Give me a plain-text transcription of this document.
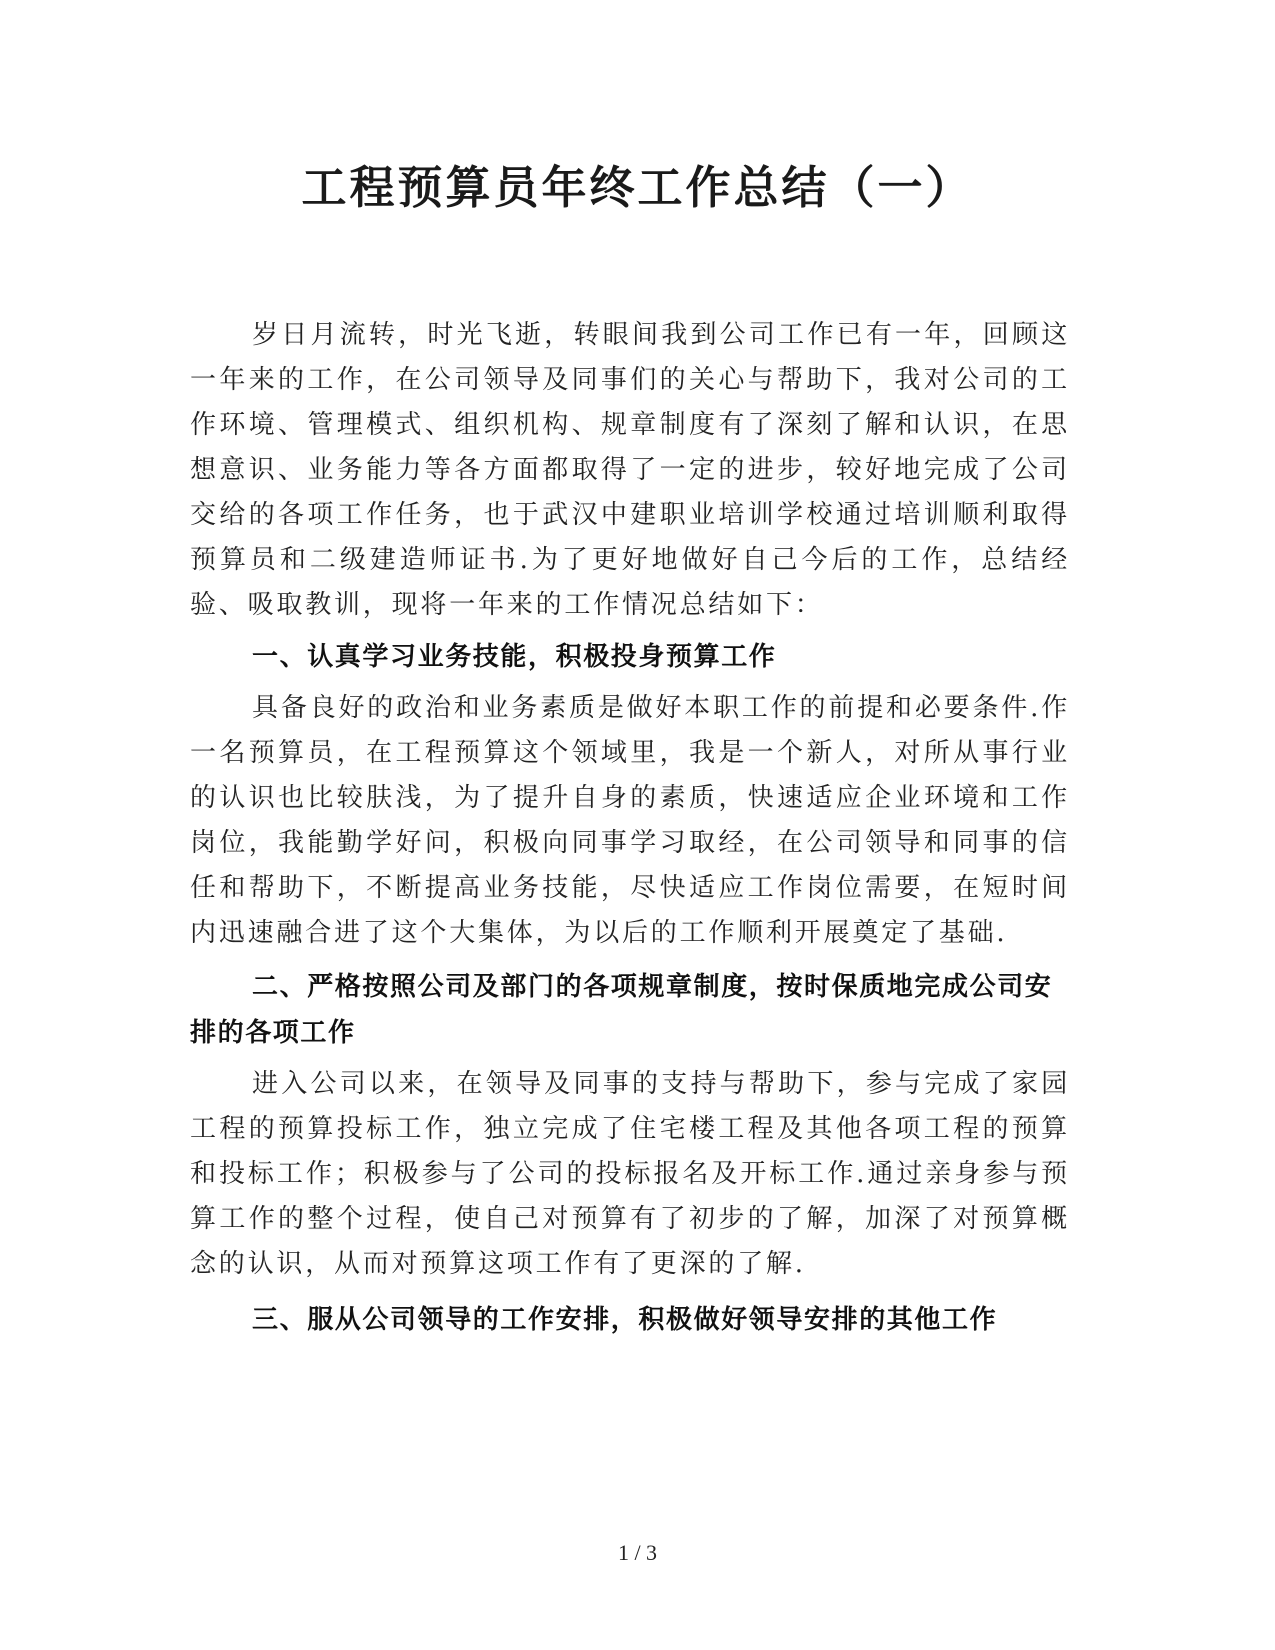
工程预算员年终工作总结（一）

岁日月流转，时光飞逝，转眼间我到公司工作已有一年，回顾这一年来的工作，在公司领导及同事们的关心与帮助下，我对公司的工作环境、管理模式、组织机构、规章制度有了深刻了解和认识，在思想意识、业务能力等各方面都取得了一定的进步，较好地完成了公司交给的各项工作任务，也于武汉中建职业培训学校通过培训顺利取得预算员和二级建造师证书.为了更好地做好自己今后的工作，总结经验、吸取教训，现将一年来的工作情况总结如下：

一、认真学习业务技能，积极投身预算工作

具备良好的政治和业务素质是做好本职工作的前提和必要条件.作一名预算员，在工程预算这个领域里，我是一个新人，对所从事行业的认识也比较肤浅，为了提升自身的素质，快速适应企业环境和工作岗位，我能勤学好问，积极向同事学习取经，在公司领导和同事的信任和帮助下，不断提高业务技能，尽快适应工作岗位需要，在短时间内迅速融合进了这个大集体，为以后的工作顺利开展奠定了基础.

二、严格按照公司及部门的各项规章制度，按时保质地完成公司安排的各项工作

进入公司以来，在领导及同事的支持与帮助下，参与完成了家园工程的预算投标工作，独立完成了住宅楼工程及其他各项工程的预算和投标工作；积极参与了公司的投标报名及开标工作.通过亲身参与预算工作的整个过程，使自己对预算有了初步的了解，加深了对预算概念的认识，从而对预算这项工作有了更深的了解.

三、服从公司领导的工作安排，积极做好领导安排的其他工作

1 / 3
